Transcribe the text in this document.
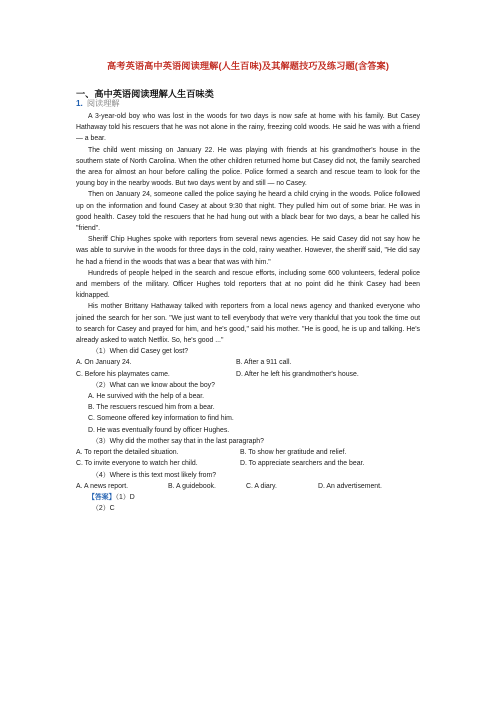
高考英语高中英语阅读理解(人生百味)及其解题技巧及练习题(含答案)
一、高中英语阅读理解人生百味类
1. 阅读理解

A 3-year-old boy who was lost in the woods for two days is now safe at home with his family. But Casey Hathaway told his rescuers that he was not alone in the rainy, freezing cold woods. He said he was with a friend — a bear.

The child went missing on January 22. He was playing with friends at his grandmother's house in the southern state of North Carolina. When the other children returned home but Casey did not, the family searched the area for almost an hour before calling the police. Police formed a search and rescue team to look for the young boy in the nearby woods. But two days went by and still — no Casey.

Then on January 24, someone called the police saying he heard a child crying in the woods. Police followed up on the information and found Casey at about 9:30 that night. They pulled him out of some briar. He was in good health. Casey told the rescuers that he had hung out with a black bear for two days, a bear he called his "friend".

Sheriff Chip Hughes spoke with reporters from several news agencies. He said Casey did not say how he was able to survive in the woods for three days in the cold, rainy weather. However, the sheriff said, "He did say he had a friend in the woods that was a bear that was with him."

Hundreds of people helped in the search and rescue efforts, including some 600 volunteers, federal police and members of the military. Officer Hughes told reporters that at no point did he think Casey had been kidnapped.

His mother Brittany Hathaway talked with reporters from a local news agency and thanked everyone who joined the search for her son. "We just want to tell everybody that we're very thankful that you took the time out to search for Casey and prayed for him, and he's good," said his mother. "He is good, he is up and talking. He's already asked to watch Netflix. So, he's good ..."

（1）When did Casey get lost?

A. On January 24.	B. After a 911 call.
C. Before his playmates came.	D. After he left his grandmother's house.

（2）What can we know about the boy?

A. He survived with the help of a bear.

B. The rescuers rescued him from a bear.

C. Someone offered key information to find him.

D. He was eventually found by officer Hughes.

（3）Why did the mother say that in the last paragraph?

A. To report the detailed situation.	B. To show her gratitude and relief.
C. To invite everyone to watch her child.	D. To appreciate searchers and the bear.

（4）Where is this text most likely from?

A. A news report.	B. A guidebook.	C. A diary.	D. An advertisement.

【答案】（1）D

（2）C
